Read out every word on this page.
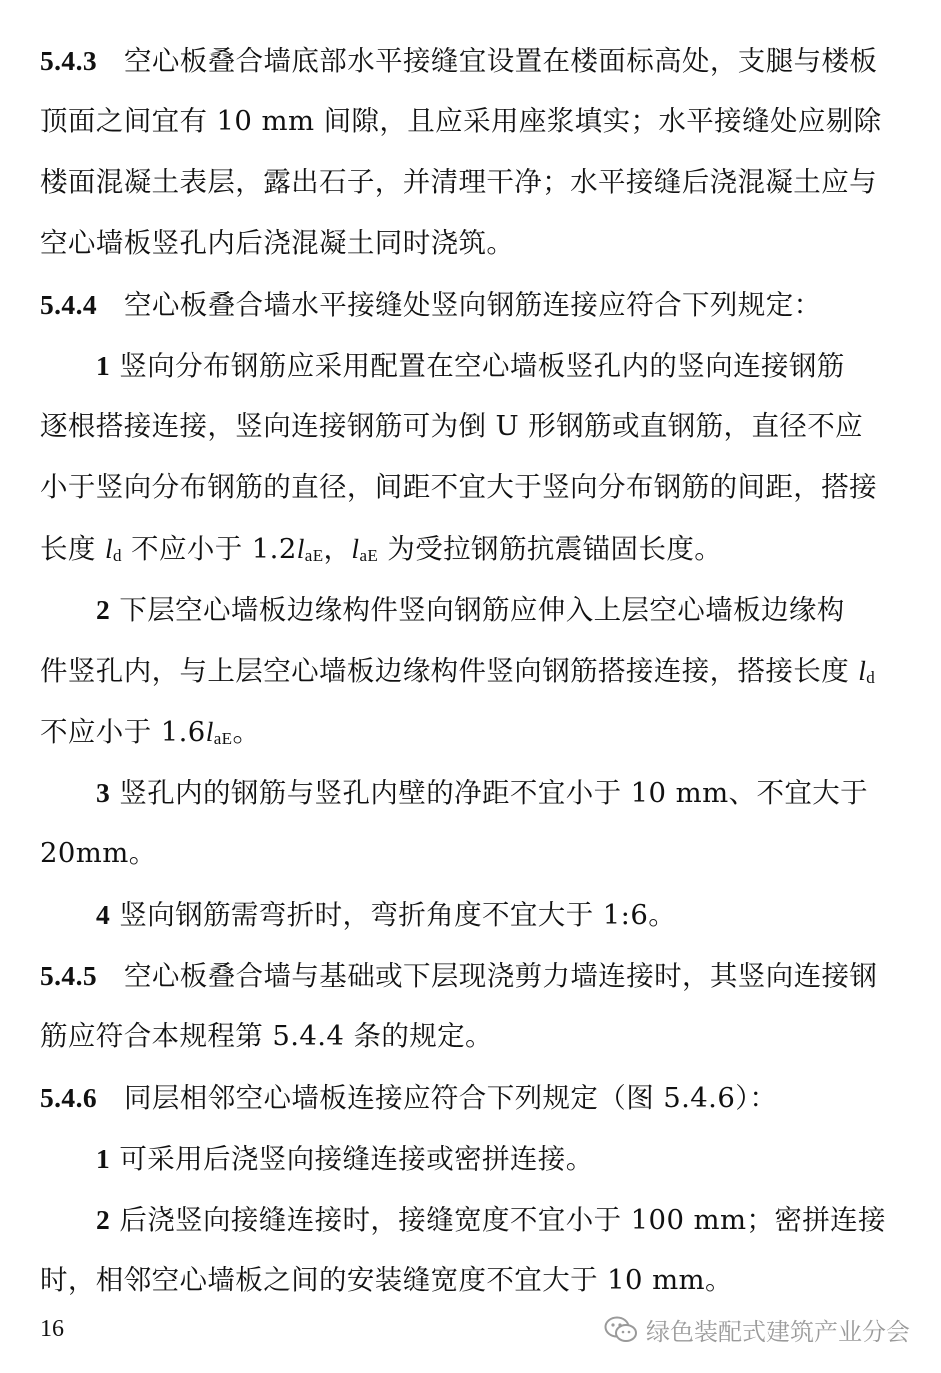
5.4.3 空心板叠合墙底部水平接缝宜设置在楼面标高处，支腿与楼板
顶面之间宜有 10 mm 间隙，且应采用座浆填实；水平接缝处应剔除
楼面混凝土表层，露出石子，并清理干净；水平接缝后浇混凝土应与
空心墙板竖孔内后浇混凝土同时浇筑。
5.4.4 空心板叠合墙水平接缝处竖向钢筋连接应符合下列规定：
1 竖向分布钢筋应采用配置在空心墙板竖孔内的竖向连接钢筋
逐根搭接连接，竖向连接钢筋可为倒 U 形钢筋或直钢筋，直径不应
小于竖向分布钢筋的直径，间距不宜大于竖向分布钢筋的间距，搭接
长度 ld 不应小于 1.2laE，laE 为受拉钢筋抗震锚固长度。
2 下层空心墙板边缘构件竖向钢筋应伸入上层空心墙板边缘构
件竖孔内，与上层空心墙板边缘构件竖向钢筋搭接连接，搭接长度 ld
不应小于 1.6laE。
3 竖孔内的钢筋与竖孔内壁的净距不宜小于 10 mm、不宜大于
20mm。
4 竖向钢筋需弯折时，弯折角度不宜大于 1:6。
5.4.5 空心板叠合墙与基础或下层现浇剪力墙连接时，其竖向连接钢
筋应符合本规程第 5.4.4 条的规定。
5.4.6 同层相邻空心墙板连接应符合下列规定（图 5.4.6）：
1 可采用后浇竖向接缝连接或密拼连接。
2 后浇竖向接缝连接时，接缝宽度不宜小于 100 mm；密拼连接
时，相邻空心墙板之间的安装缝宽度不宜大于 10 mm。
16	绿色装配式建筑产业分会
